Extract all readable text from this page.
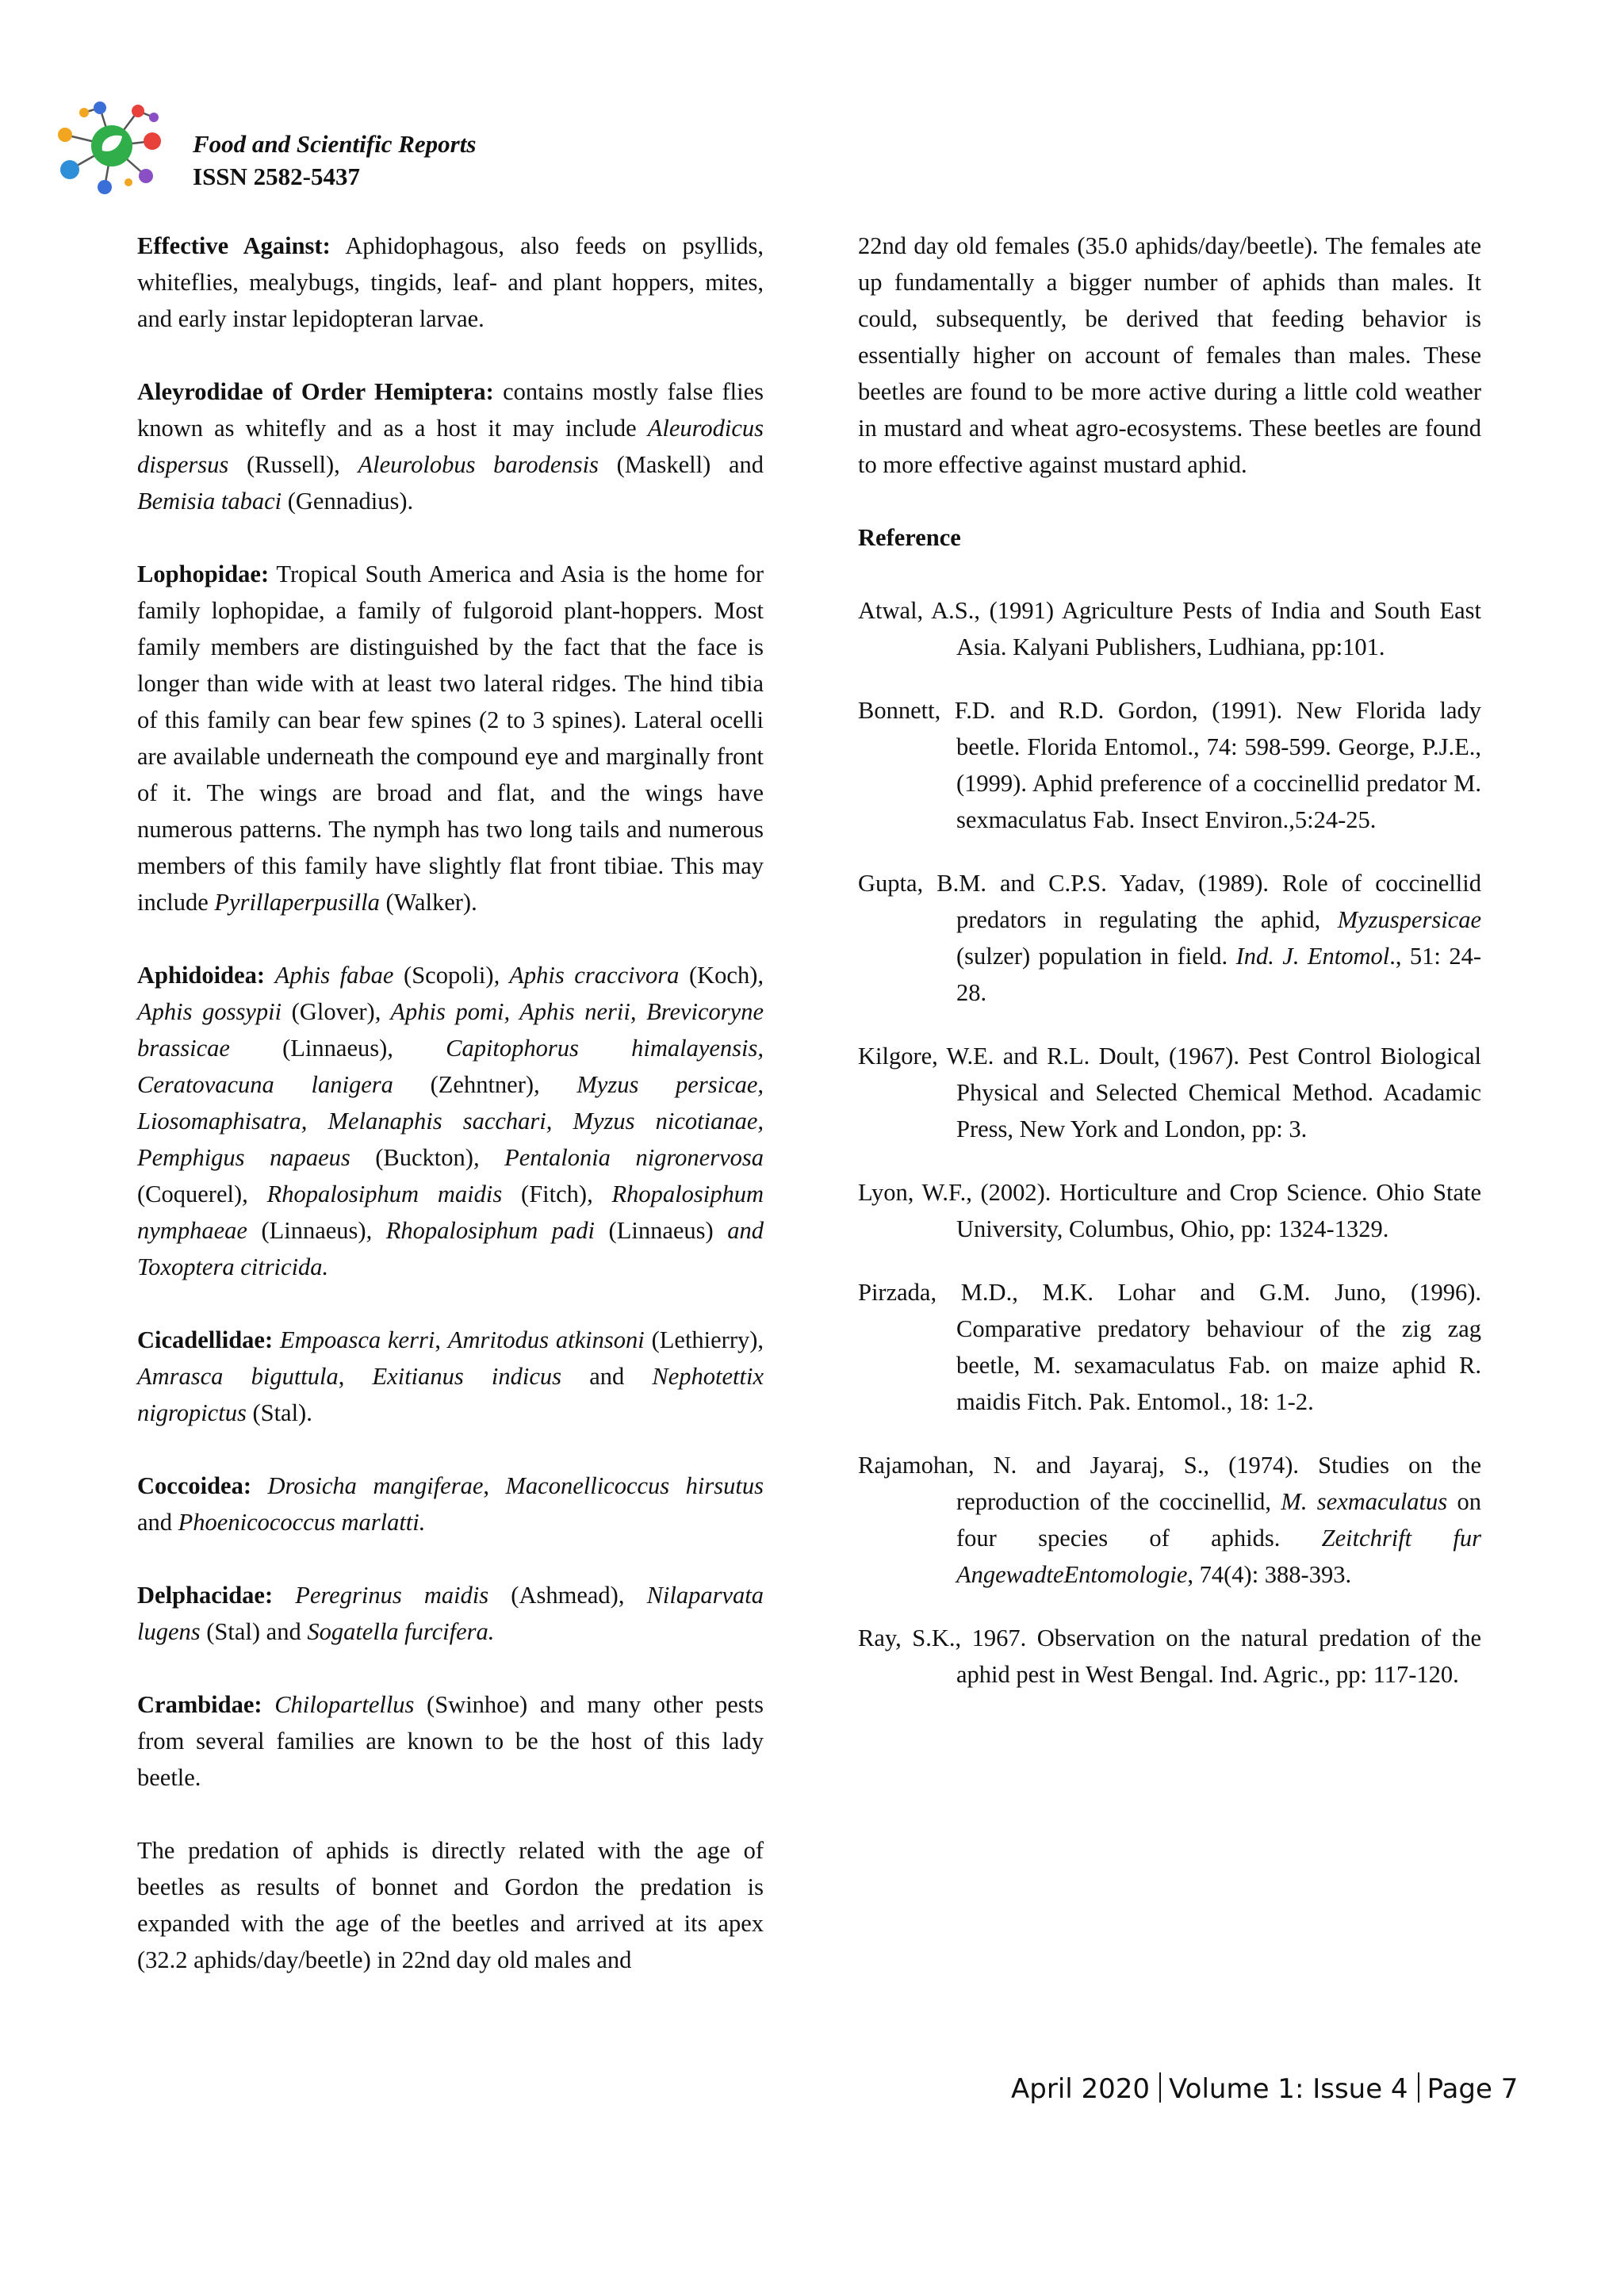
Food and Scientific Reports
ISSN 2582-5437

Effective Against: Aphidophagous, also feeds on psyllids, whiteflies, mealybugs, tingids, leaf- and plant hoppers, mites, and early instar lepidopteran larvae.

Aleyrodidae of Order Hemiptera: contains mostly false flies known as whitefly and as a host it may include Aleurodicus dispersus (Russell), Aleurolobus barodensis (Maskell) and Bemisia tabaci (Gennadius).

Lophopidae: Tropical South America and Asia is the home for family lophopidae, a family of fulgoroid plant-hoppers. Most family members are distinguished by the fact that the face is longer than wide with at least two lateral ridges. The hind tibia of this family can bear few spines (2 to 3 spines). Lateral ocelli are available underneath the compound eye and marginally front of it. The wings are broad and flat, and the wings have numerous patterns. The nymph has two long tails and numerous members of this family have slightly flat front tibiae. This may include Pyrillaperpusilla (Walker).

Aphidoidea: Aphis fabae (Scopoli), Aphis craccivora (Koch), Aphis gossypii (Glover), Aphis pomi, Aphis nerii, Brevicoryne brassicae (Linnaeus), Capitophorus himalayensis, Ceratovacuna lanigera (Zehntner), Myzus persicae, Liosomaphisatra, Melanaphis sacchari, Myzus nicotianae, Pemphigus napaeus (Buckton), Pentalonia nigronervosa (Coquerel), Rhopalosiphum maidis (Fitch), Rhopalosiphum nymphaeae (Linnaeus), Rhopalosiphum padi (Linnaeus) and Toxoptera citricida.

Cicadellidae: Empoasca kerri, Amritodus atkinsoni (Lethierry), Amrasca biguttula, Exitianus indicus and Nephotettix nigropictus (Stal).

Coccoidea: Drosicha mangiferae, Maconellicoccus hirsutus and Phoenicococcus marlatti.

Delphacidae: Peregrinus maidis (Ashmead), Nilaparvata lugens (Stal) and Sogatella furcifera.

Crambidae: Chilopartellus (Swinhoe) and many other pests from several families are known to be the host of this lady beetle.

The predation of aphids is directly related with the age of beetles as results of bonnet and Gordon the predation is expanded with the age of the beetles and arrived at its apex (32.2 aphids/day/beetle) in 22nd day old males and

22nd day old females (35.0 aphids/day/beetle). The females ate up fundamentally a bigger number of aphids than males. It could, subsequently, be derived that feeding behavior is essentially higher on account of females than males. These beetles are found to be more active during a little cold weather in mustard and wheat agro-ecosystems. These beetles are found to more effective against mustard aphid.

Reference

Atwal, A.S., (1991) Agriculture Pests of India and South East Asia. Kalyani Publishers, Ludhiana, pp:101.

Bonnett, F.D. and R.D. Gordon, (1991). New Florida lady beetle. Florida Entomol., 74: 598-599. George, P.J.E., (1999). Aphid preference of a coccinellid predator M. sexmaculatus Fab. Insect Environ.,5:24-25.

Gupta, B.M. and C.P.S. Yadav, (1989). Role of coccinellid predators in regulating the aphid, Myzuspersicae (sulzer) population in field. Ind. J. Entomol., 51: 24-28.

Kilgore, W.E. and R.L. Doult, (1967). Pest Control Biological Physical and Selected Chemical Method. Acadamic Press, New York and London, pp: 3.

Lyon, W.F., (2002). Horticulture and Crop Science. Ohio State University, Columbus, Ohio, pp: 1324-1329.

Pirzada, M.D., M.K. Lohar and G.M. Juno, (1996). Comparative predatory behaviour of the zig zag beetle, M. sexamaculatus Fab. on maize aphid R. maidis Fitch. Pak. Entomol., 18: 1-2.

Rajamohan, N. and Jayaraj, S., (1974). Studies on the reproduction of the coccinellid, M. sexmaculatus on four species of aphids. Zeitchrift fur AngewadteEntomologie, 74(4): 388-393.

Ray, S.K., 1967. Observation on the natural predation of the aphid pest in West Bengal. Ind. Agric., pp: 117-120.

April 2020 Volume 1: Issue 4 Page 7
